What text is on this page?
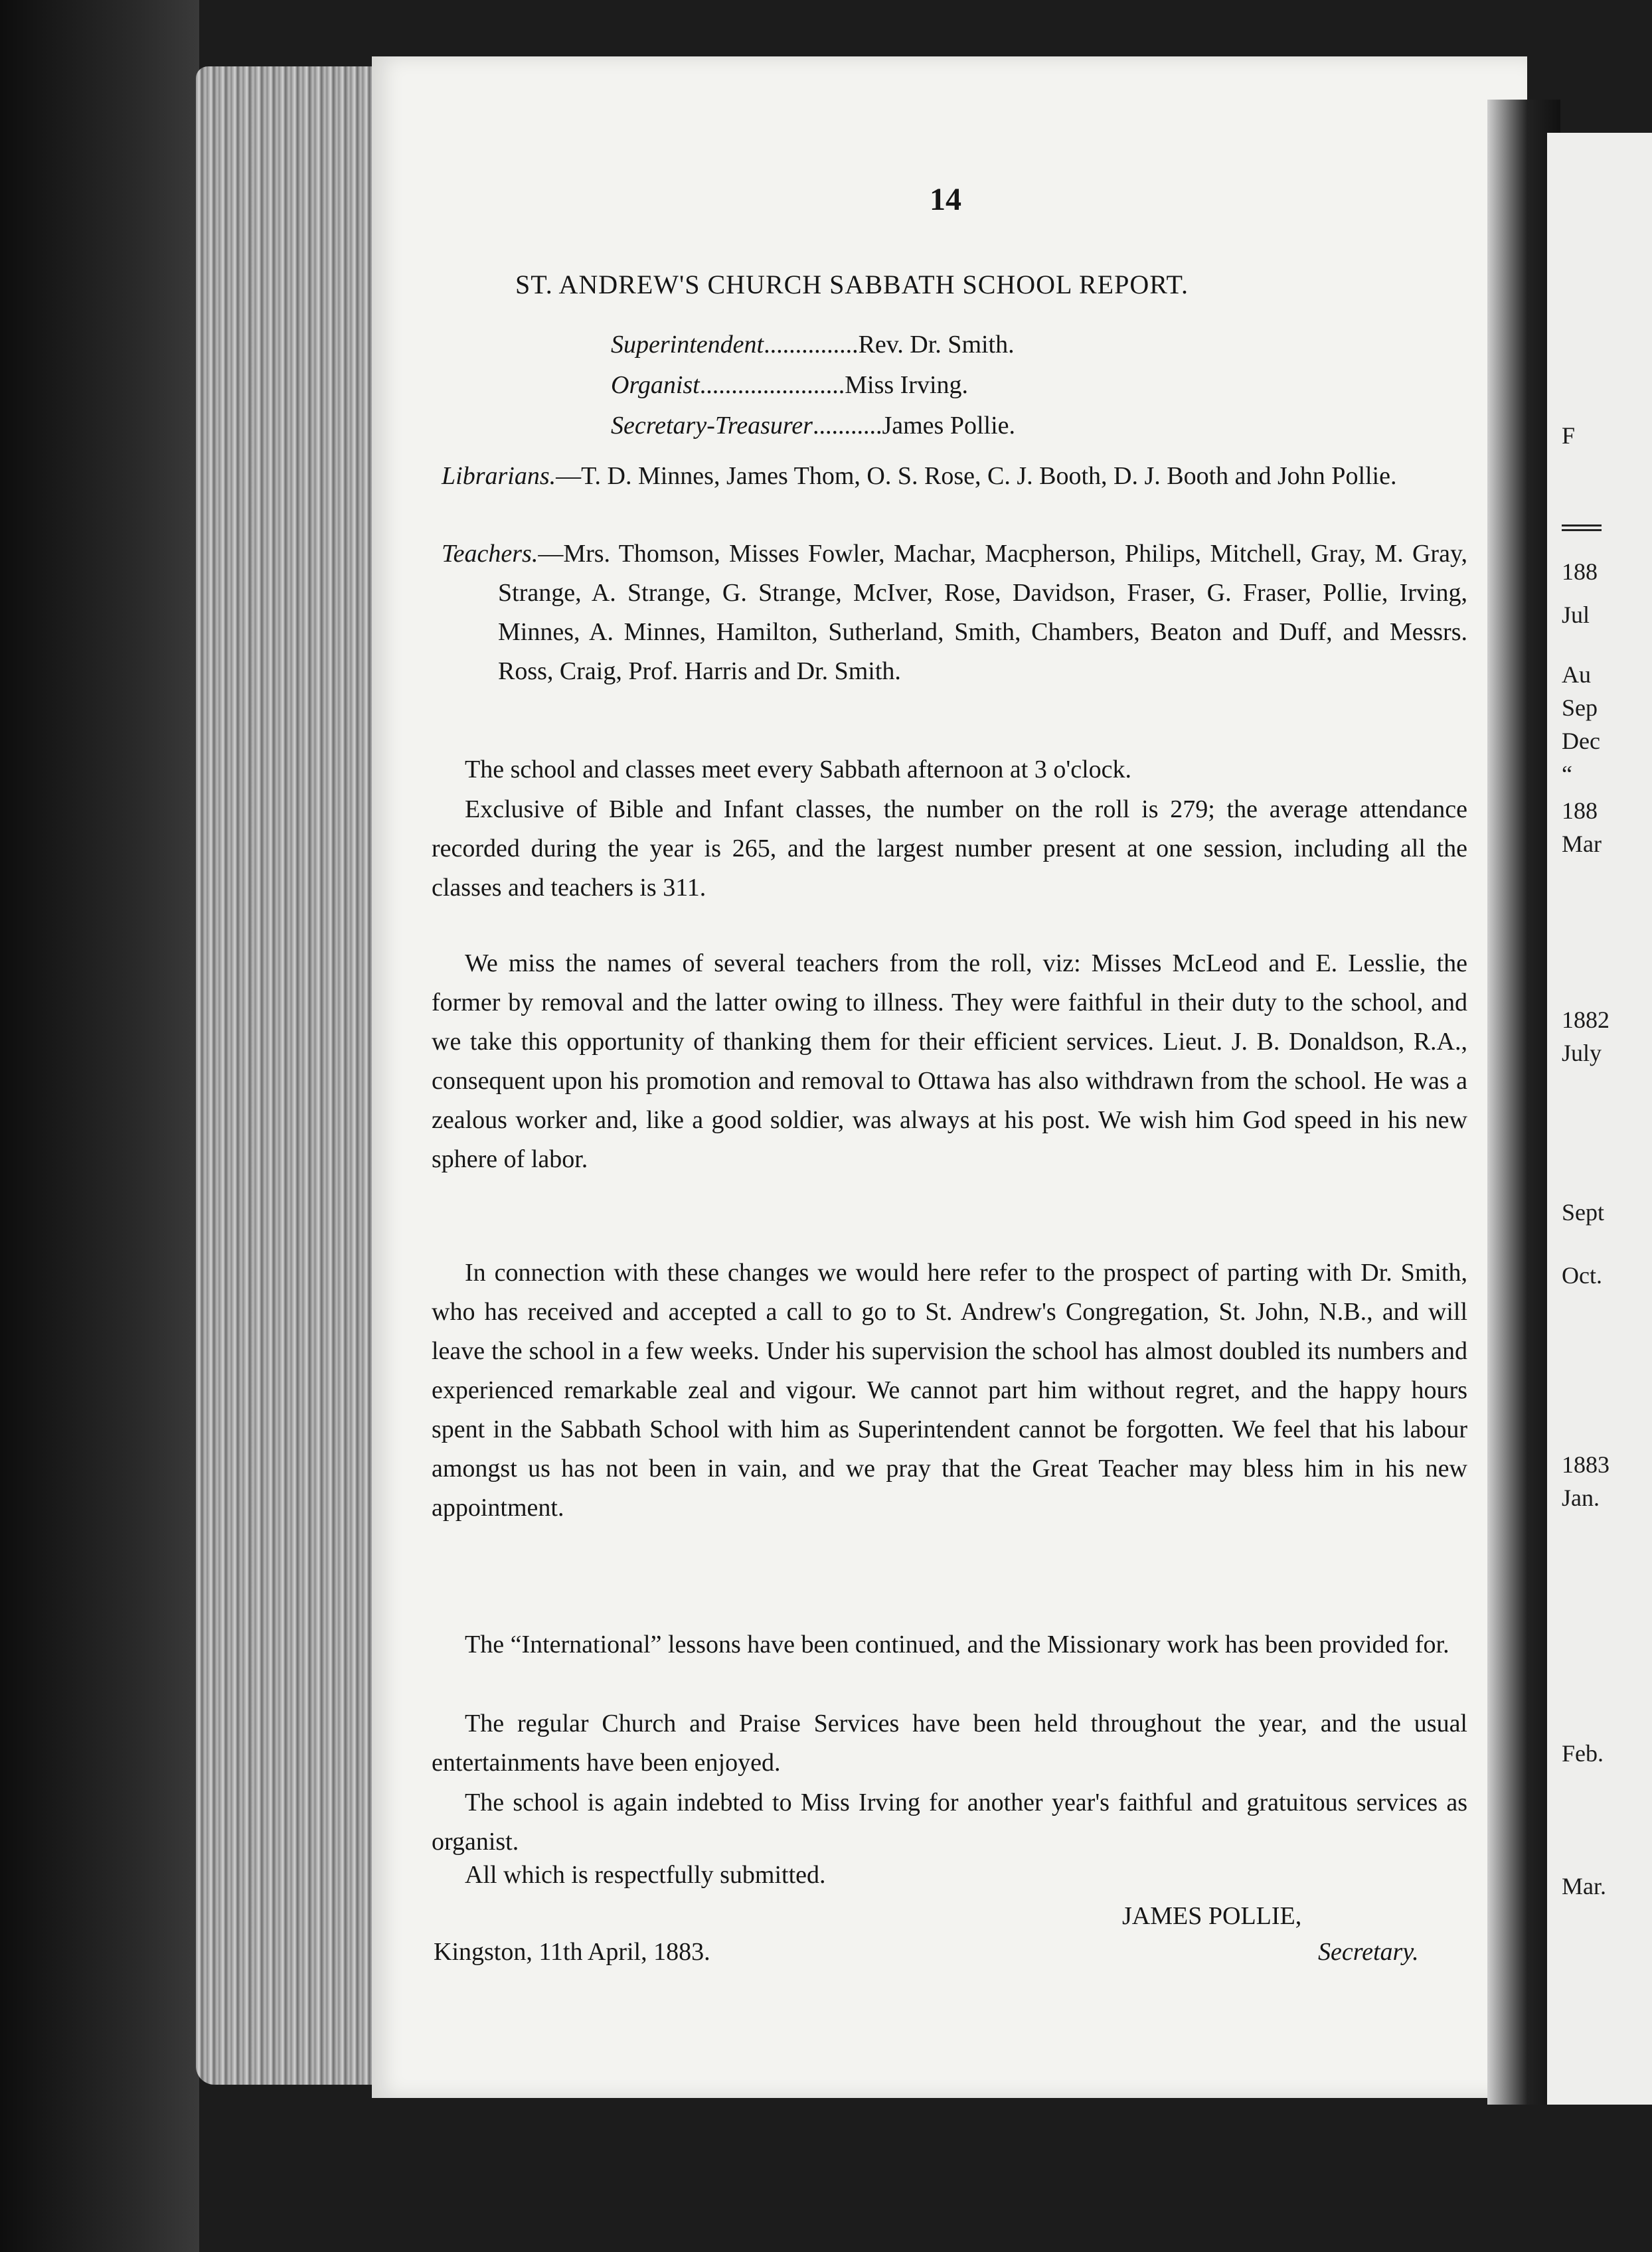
F
188
Jul
Au
Sep
Dec
“
188
Mar
1882
July
Sept
Oct.
1883
Jan.
Feb.
Mar.
14
ST. ANDREW'S CHURCH SABBATH SCHOOL REPORT.
Superintendent...............Rev. Dr. Smith.
Organist.......................Miss Irving.
Secretary-Treasurer...........James Pollie.
Librarians.—T. D. Minnes, James Thom, O. S. Rose, C. J. Booth, D. J. Booth and John Pollie.
Teachers.—Mrs. Thomson, Misses Fowler, Machar, Macpherson, Philips, Mitchell, Gray, M. Gray, Strange, A. Strange, G. Strange, McIver, Rose, Davidson, Fraser, G. Fraser, Pollie, Irving, Minnes, A. Minnes, Hamilton, Sutherland, Smith, Chambers, Beaton and Duff, and Messrs. Ross, Craig, Prof. Harris and Dr. Smith.
The school and classes meet every Sabbath afternoon at 3 o'clock.
Exclusive of Bible and Infant classes, the number on the roll is 279; the average attendance recorded during the year is 265, and the largest number present at one session, including all the classes and teachers is 311.
We miss the names of several teachers from the roll, viz: Misses McLeod and E. Lesslie, the former by removal and the latter owing to illness. They were faithful in their duty to the school, and we take this opportunity of thanking them for their efficient services. Lieut. J. B. Donaldson, R.A., consequent upon his promotion and removal to Ottawa has also withdrawn from the school. He was a zealous worker and, like a good soldier, was always at his post. We wish him God speed in his new sphere of labor.
In connection with these changes we would here refer to the prospect of parting with Dr. Smith, who has received and accepted a call to go to St. Andrew's Congregation, St. John, N.B., and will leave the school in a few weeks. Under his supervision the school has almost doubled its numbers and experienced remarkable zeal and vigour. We cannot part him without regret, and the happy hours spent in the Sabbath School with him as Superintendent cannot be forgotten. We feel that his labour amongst us has not been in vain, and we pray that the Great Teacher may bless him in his new appointment.
The “International” lessons have been continued, and the Missionary work has been provided for.
The regular Church and Praise Services have been held throughout the year, and the usual entertainments have been enjoyed.
The school is again indebted to Miss Irving for another year's faithful and gratuitous services as organist.
All which is respectfully submitted.
JAMES POLLIE,
Secretary.
Kingston, 11th April, 1883.
